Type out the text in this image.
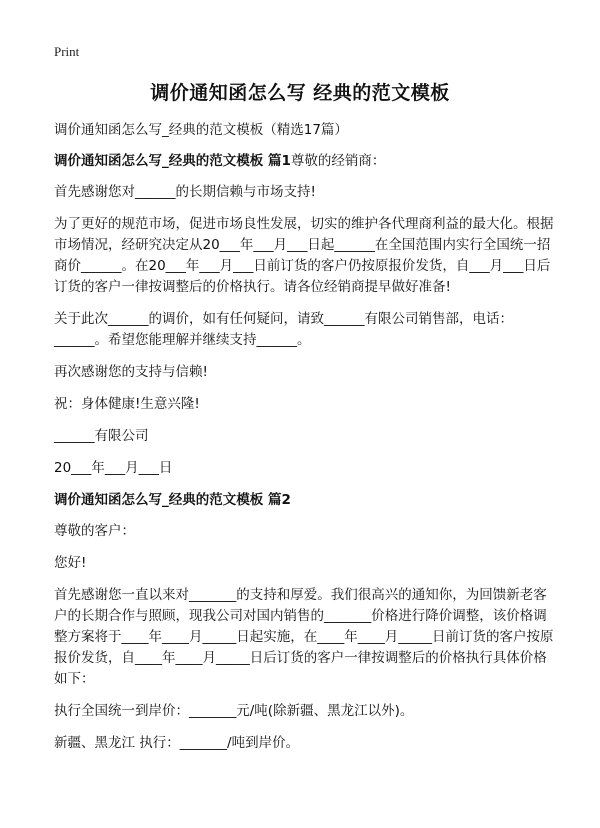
Print
调价通知函怎么写 经典的范文模板

调价通知函怎么写_经典的范文模板（精选17篇）

调价通知函怎么写_经典的范文模板 篇1尊敬的经销商：

首先感谢您对______的长期信赖与市场支持!

为了更好的规范市场，促进市场良性发展，切实的维护各代理商利益的最大化。根据市场情况，经研究决定从20___年___月___日起______在全国范围内实行全国统一招商价______。在20___年___月___日前订货的客户仍按原报价发货，自___月___日后订货的客户一律按调整后的价格执行。请各位经销商提早做好准备!

关于此次______的调价，如有任何疑问，请致______有限公司销售部，电话：______。希望您能理解并继续支持______。

再次感谢您的支持与信赖!

祝：身体健康!生意兴隆!

______有限公司

20___年___月___日

调价通知函怎么写_经典的范文模板 篇2

尊敬的客户：

您好!

首先感谢您一直以来对_______的支持和厚爱。我们很高兴的通知你，为回馈新老客户的长期合作与照顾，现我公司对国内销售的_______价格进行降价调整，该价格调整方案将于____年____月_____日起实施，在____年____月_____日前订货的客户按原报价发货，自____年____月_____日后订货的客户一律按调整后的价格执行具体价格如下：

执行全国统一到岸价：_______元/吨(除新疆、黑龙江以外)。

新疆、黑龙江 执行：_______/吨到岸价。
